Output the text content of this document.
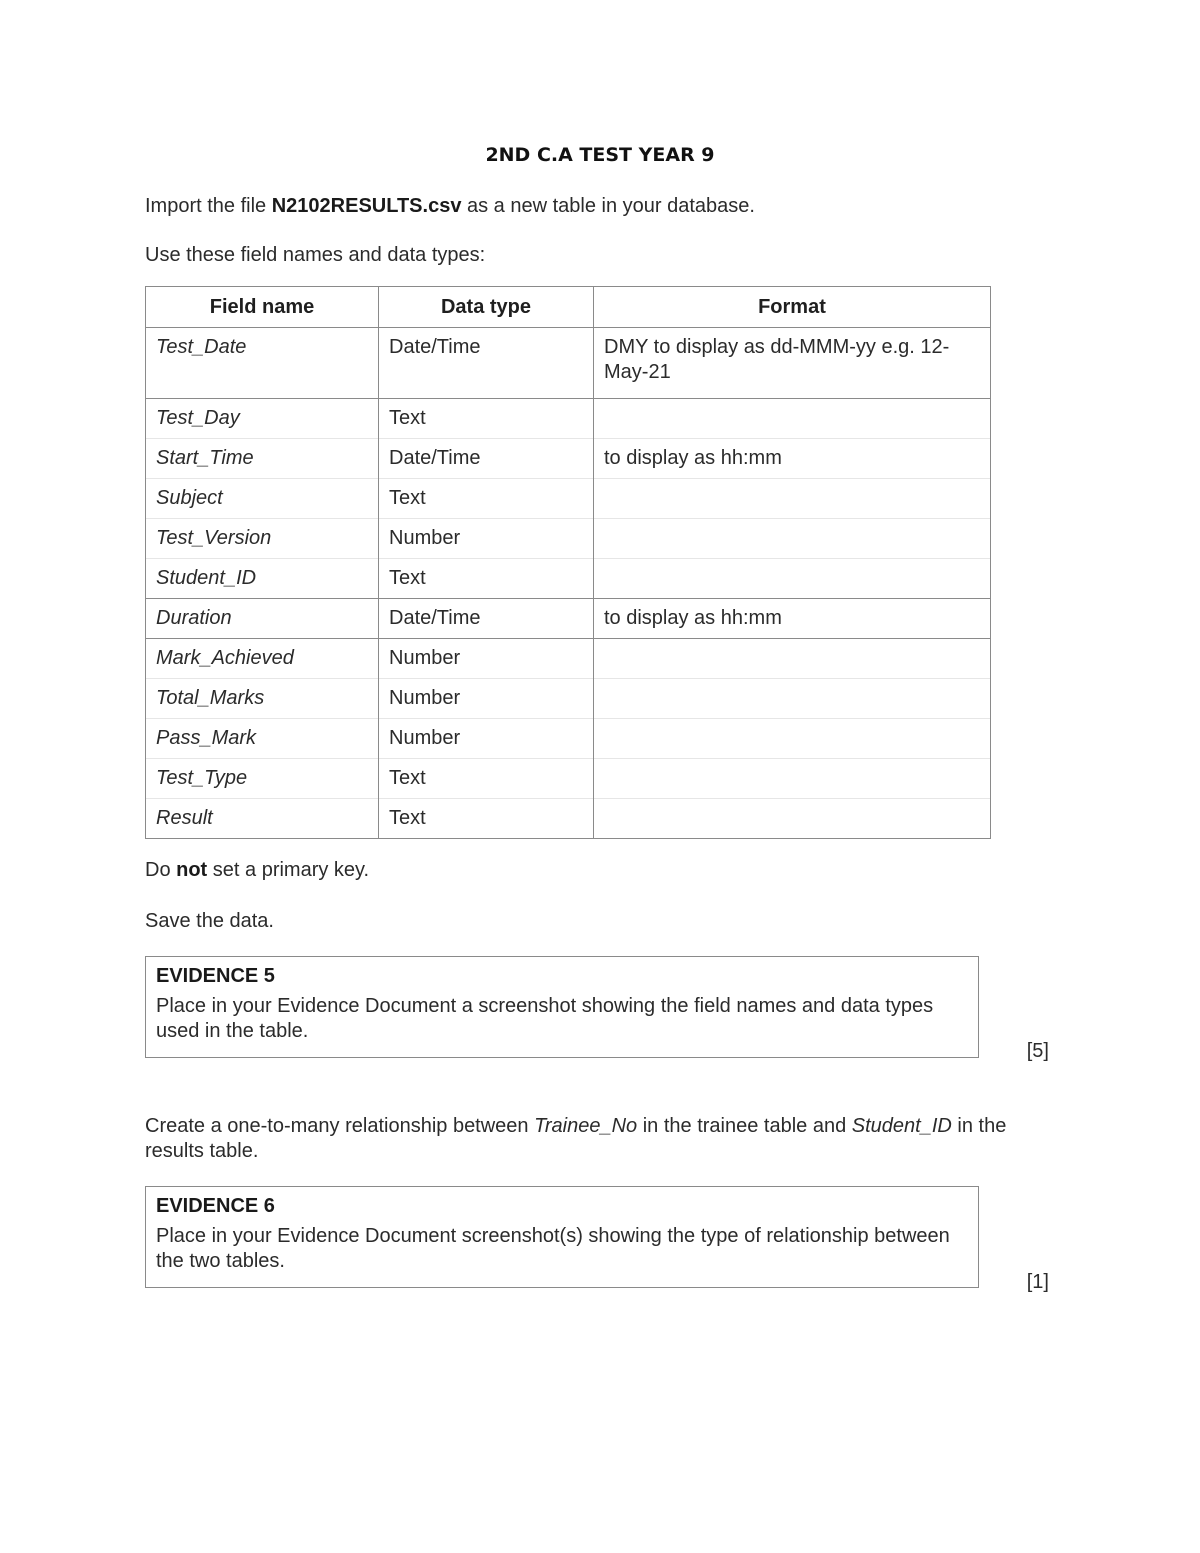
2ND C.A TEST YEAR 9

Import the file N2102RESULTS.csv as a new table in your database.

Use these field names and data types:

Field name	Data type	Format
Test_Date	Date/Time	DMY to display as dd-MMM-yy e.g. 12-May-21
Test_Day	Text	
Start_Time	Date/Time	to display as hh:mm
Subject	Text	
Test_Version	Number	
Student_ID	Text	
Duration	Date/Time	to display as hh:mm
Mark_Achieved	Number	
Total_Marks	Number	
Pass_Mark	Number	
Test_Type	Text	
Result	Text	

Do not set a primary key.

Save the data.

EVIDENCE 5
Place in your Evidence Document a screenshot showing the field names and data types used in the table.
[5]

Create a one-to-many relationship between Trainee_No in the trainee table and Student_ID in the results table.

EVIDENCE 6
Place in your Evidence Document screenshot(s) showing the type of relationship between the two tables.
[1]
